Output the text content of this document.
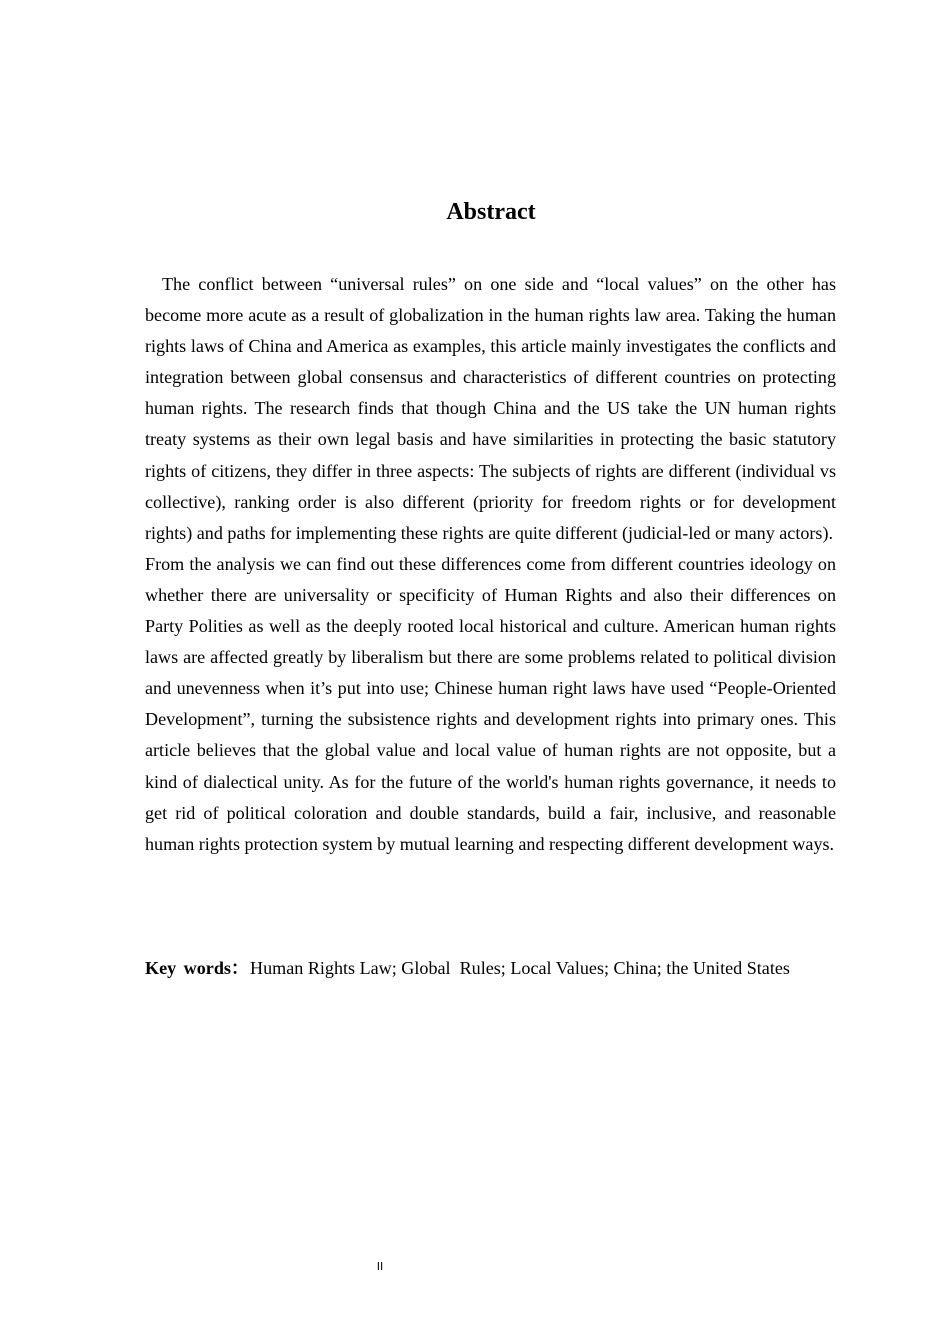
Abstract

The conflict between “universal rules” on one side and “local values” on the other has become more acute as a result of globalization in the human rights law area. Taking the human rights laws of China and America as examples, this article mainly investigates the conflicts and integration between global consensus and characteristics of different countries on protecting human rights. The research finds that though China and the US take the UN human rights treaty systems as their own legal basis and have similarities in protecting the basic statutory rights of citizens, they differ in three aspects: The subjects of rights are different (individual vs collective), ranking order is also different (priority for freedom rights or for development rights) and paths for implementing these rights are quite different (judicial-led or many actors).

From the analysis we can find out these differences come from different countries ideology on whether there are universality or specificity of Human Rights and also their differences on Party Polities as well as the deeply rooted local historical and culture. American human rights laws are affected greatly by liberalism but there are some problems related to political division and unevenness when it’s put into use; Chinese human right laws have used “People-Oriented Development”, turning the subsistence rights and development rights into primary ones. This article believes that the global value and local value of human rights are not opposite, but a kind of dialectical unity. As for the future of the world's human rights governance, it needs to get rid of political coloration and double standards, build a fair, inclusive, and reasonable human rights protection system by mutual learning and respecting different development ways.

Key words：Human Rights Law; Global  Rules; Local Values; China; the United States
II
